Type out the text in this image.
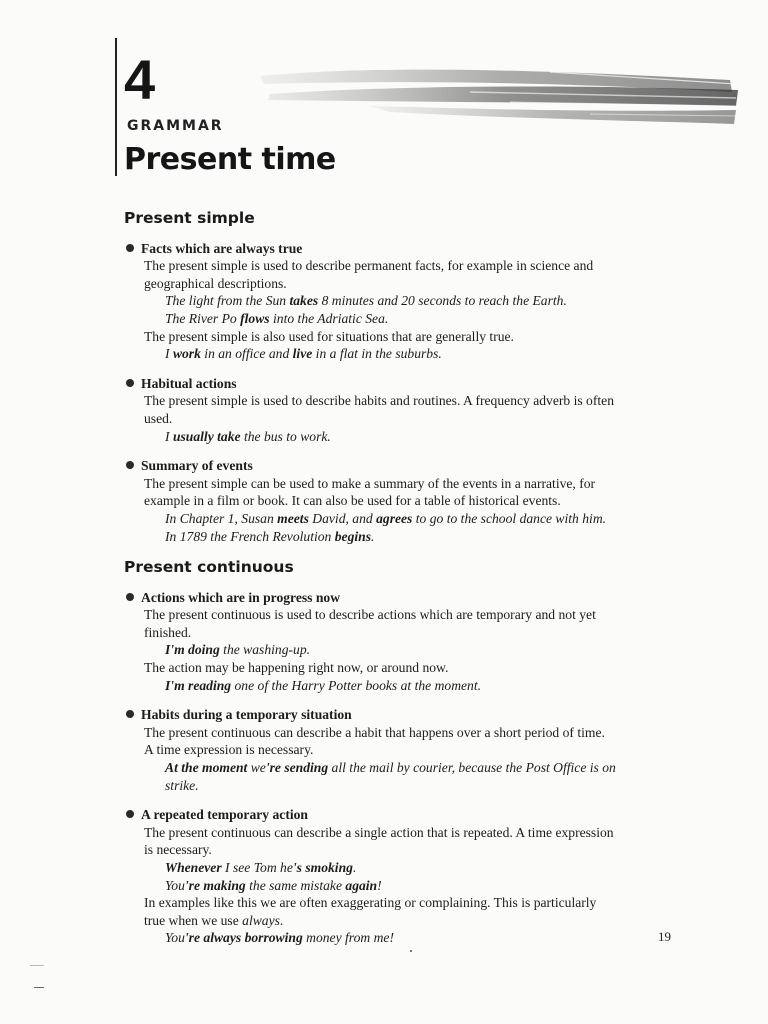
4
GRAMMAR
Present time
Present simple
Facts which are always true
The present simple is used to describe permanent facts, for example in science and
geographical descriptions.
The light from the Sun takes 8 minutes and 20 seconds to reach the Earth.
The River Po flows into the Adriatic Sea.
The present simple is also used for situations that are generally true.
I work in an office and live in a flat in the suburbs.
Habitual actions
The present simple is used to describe habits and routines. A frequency adverb is often
used.
I usually take the bus to work.
Summary of events
The present simple can be used to make a summary of the events in a narrative, for
example in a film or book. It can also be used for a table of historical events.
In Chapter 1, Susan meets David, and agrees to go to the school dance with him.
In 1789 the French Revolution begins.
Present continuous
Actions which are in progress now
The present continuous is used to describe actions which are temporary and not yet
finished.
I'm doing the washing-up.
The action may be happening right now, or around now.
I'm reading one of the Harry Potter books at the moment.
Habits during a temporary situation
The present continuous can describe a habit that happens over a short period of time.
A time expression is necessary.
At the moment we're sending all the mail by courier, because the Post Office is on
strike.
A repeated temporary action
The present continuous can describe a single action that is repeated. A time expression
is necessary.
Whenever I see Tom he's smoking.
You're making the same mistake again!
In examples like this we are often exaggerating or complaining. This is particularly
true when we use always.
You're always borrowing money from me!	19
